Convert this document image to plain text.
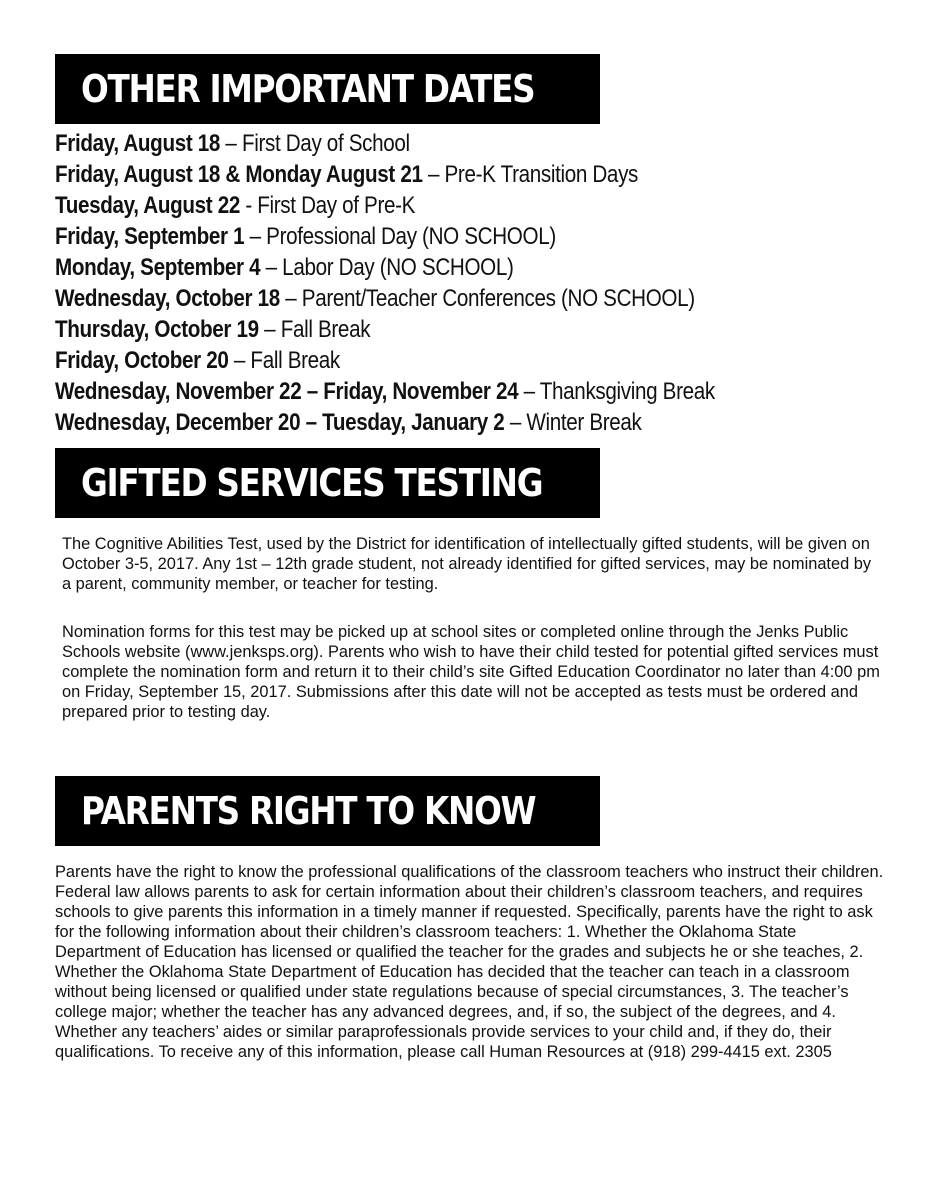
OTHER IMPORTANT DATES
Friday, August 18 – First Day of School
Friday, August 18 & Monday August 21 – Pre-K Transition Days
Tuesday, August 22 - First Day of Pre-K
Friday, September 1 – Professional Day (NO SCHOOL)
Monday, September 4 – Labor Day (NO SCHOOL)
Wednesday, October 18 – Parent/Teacher Conferences (NO SCHOOL)
Thursday, October 19 – Fall Break
Friday, October 20 – Fall Break
Wednesday, November 22 – Friday, November 24 – Thanksgiving Break
Wednesday, December 20 – Tuesday, January 2 – Winter Break
GIFTED SERVICES TESTING

The Cognitive Abilities Test, used by the District for identification of intellectually gifted students, will be given on October 3-5, 2017. Any 1st – 12th grade student, not already identified for gifted services, may be nominated by a parent, community member, or teacher for testing.

Nomination forms for this test may be picked up at school sites or completed online through the Jenks Public Schools website (www.jenksps.org). Parents who wish to have their child tested for potential gifted services must complete the nomination form and return it to their child’s site Gifted Education Coordinator no later than 4:00 pm on Friday, September 15, 2017. Submissions after this date will not be accepted as tests must be ordered and prepared prior to testing day.

PARENTS RIGHT TO KNOW

Parents have the right to know the professional qualifications of the classroom teachers who instruct their children. Federal law allows parents to ask for certain information about their children’s classroom teachers, and requires schools to give parents this information in a timely manner if requested. Specifically, parents have the right to ask for the following information about their children’s classroom teachers: 1. Whether the Oklahoma State Department of Education has licensed or qualified the teacher for the grades and subjects he or she teaches, 2. Whether the Oklahoma State Department of Education has decided that the teacher can teach in a classroom without being licensed or qualified under state regulations because of special circumstances, 3. The teacher’s college major; whether the teacher has any advanced degrees, and, if so, the subject of the degrees, and 4. Whether any teachers’ aides or similar paraprofessionals provide services to your child and, if they do, their qualifications. To receive any of this information, please call Human Resources at (918) 299-4415 ext. 2305
